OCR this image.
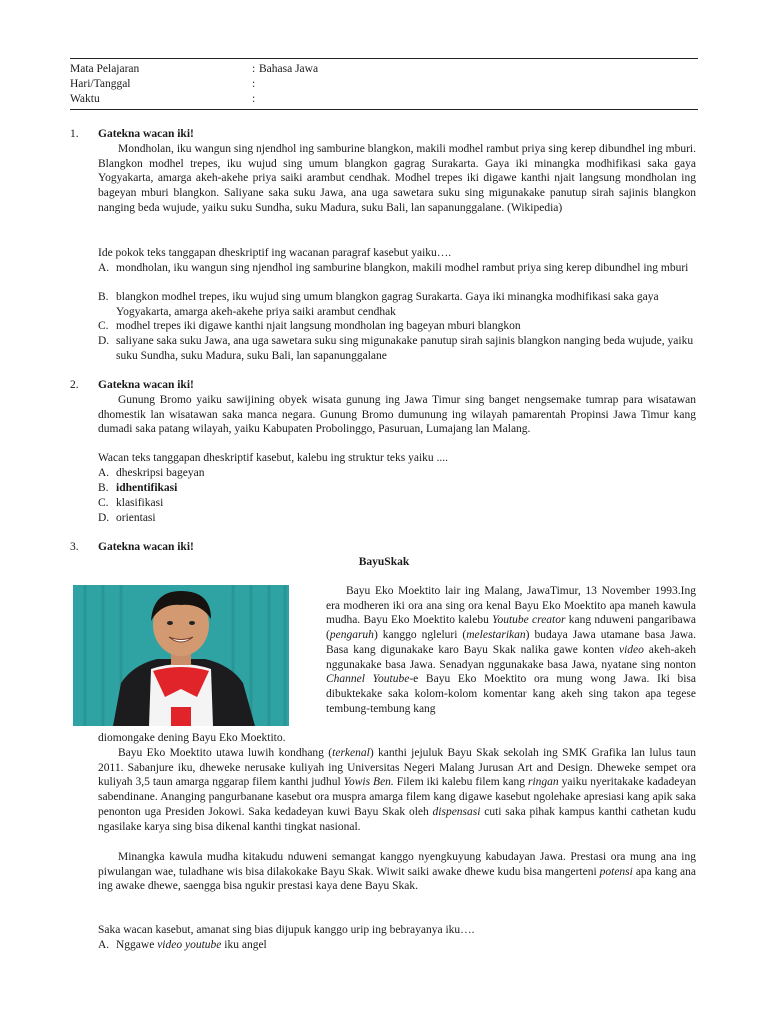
Mata Pelajaran	: Bahasa Jawa
Hari/Tanggal	:
Waktu	:
1. Gatekna wacan iki!

Mondholan, iku wangun sing njendhol ing samburine blangkon, makili modhel rambut priya sing kerep dibundhel ing mburi. Blangkon modhel trepes, iku wujud sing umum blangkon gagrag Surakarta. Gaya iki minangka modhifikasi saka gaya Yogyakarta, amarga akeh-akehe priya saiki arambut cendhak. Modhel trepes iki digawe kanthi njait langsung mondholan ing bageyan mburi blangkon. Saliyane saka suku Jawa, ana uga sawetara suku sing migunakake panutup sirah sajinis blangkon nanging beda wujude, yaiku suku Sundha, suku Madura, suku Bali, lan sapanunggalane. (Wikipedia)

Ide pokok teks tanggapan dheskriptif ing wacanan paragraf kasebut yaiku….

A. mondholan, iku wangun sing njendhol ing samburine blangkon, makili modhel rambut priya sing kerep dibundhel ing mburi

B. blangkon modhel trepes, iku wujud sing umum blangkon gagrag Surakarta. Gaya iki minangka modhifikasi saka gaya Yogyakarta, amarga akeh-akehe priya saiki arambut cendhak

C. modhel trepes iki digawe kanthi njait langsung mondholan ing bageyan mburi blangkon

D. saliyane saka suku Jawa, ana uga sawetara suku sing migunakake panutup sirah sajinis blangkon nanging beda wujude, yaiku suku Sundha, suku Madura, suku Bali, lan sapanunggalane

2. Gatekna wacan iki!

Gunung Bromo yaiku sawijining obyek wisata gunung ing Jawa Timur sing banget nengsemake tumrap para wisatawan dhomestik lan wisatawan saka manca negara. Gunung Bromo dumunung ing wilayah pamarentah Propinsi Jawa Timur kang dumadi saka patang wilayah, yaiku Kabupaten Probolinggo, Pasuruan, Lumajang lan Malang.

Wacan teks tanggapan dheskriptif kasebut, kalebu ing struktur teks yaiku ....

A. dheskripsi bageyan

B. idhentifikasi

C. klasifikasi

D. orientasi

3. Gatekna wacan iki!
BayuSkak

Bayu Eko Moektito lair ing Malang, JawaTimur, 13 November 1993.Ing era modheren iki ora ana sing ora kenal Bayu Eko Moektito apa maneh kawula mudha. Bayu Eko Moektito kalebu Youtube creator kang nduweni pangaribawa (pengaruh) kanggo ngleluri (melestarikan) budaya Jawa utamane basa Jawa. Basa kang digunakake karo Bayu Skak nalika gawe konten video akeh-akeh nggunakake basa Jawa. Senadyan nggunakake basa Jawa, nyatane sing nonton Channel Youtube-e Bayu Eko Moektito ora mung wong Jawa. Iki bisa dibuktekake saka kolom-kolom komentar kang akeh sing takon apa tegese tembung-tembung kang

diomongake dening Bayu Eko Moektito.

Bayu Eko Moektito utawa luwih kondhang (terkenal) kanthi jejuluk Bayu Skak sekolah ing SMK Grafika lan lulus taun 2011. Sabanjure iku, dheweke nerusake kuliyah ing Universitas Negeri Malang Jurusan Art and Design. Dheweke sempet ora kuliyah 3,5 taun amarga nggarap filem kanthi judhul Yowis Ben. Filem iki kalebu filem kang ringan yaiku nyeritakake kadadeyan sabendinane. Ananging pangurbanane kasebut ora muspra amarga filem kang digawe kasebut ngolehake apresiasi kang apik saka penonton uga Presiden Jokowi. Saka kedadeyan kuwi Bayu Skak oleh dispensasi cuti saka pihak kampus kanthi cathetan kudu ngasilake karya sing bisa dikenal kanthi tingkat nasional.

Minangka kawula mudha kitakudu nduweni semangat kanggo nyengkuyung kabudayan Jawa. Prestasi ora mung ana ing piwulangan wae, tuladhane wis bisa dilakokake Bayu Skak. Wiwit saiki awake dhewe kudu bisa mangerteni potensi apa kang ana ing awake dhewe, saengga bisa ngukir prestasi kaya dene Bayu Skak.

Saka wacan kasebut, amanat sing bias dijupuk kanggo urip ing bebrayanya iku….

A. Nggawe video youtube iku angel
